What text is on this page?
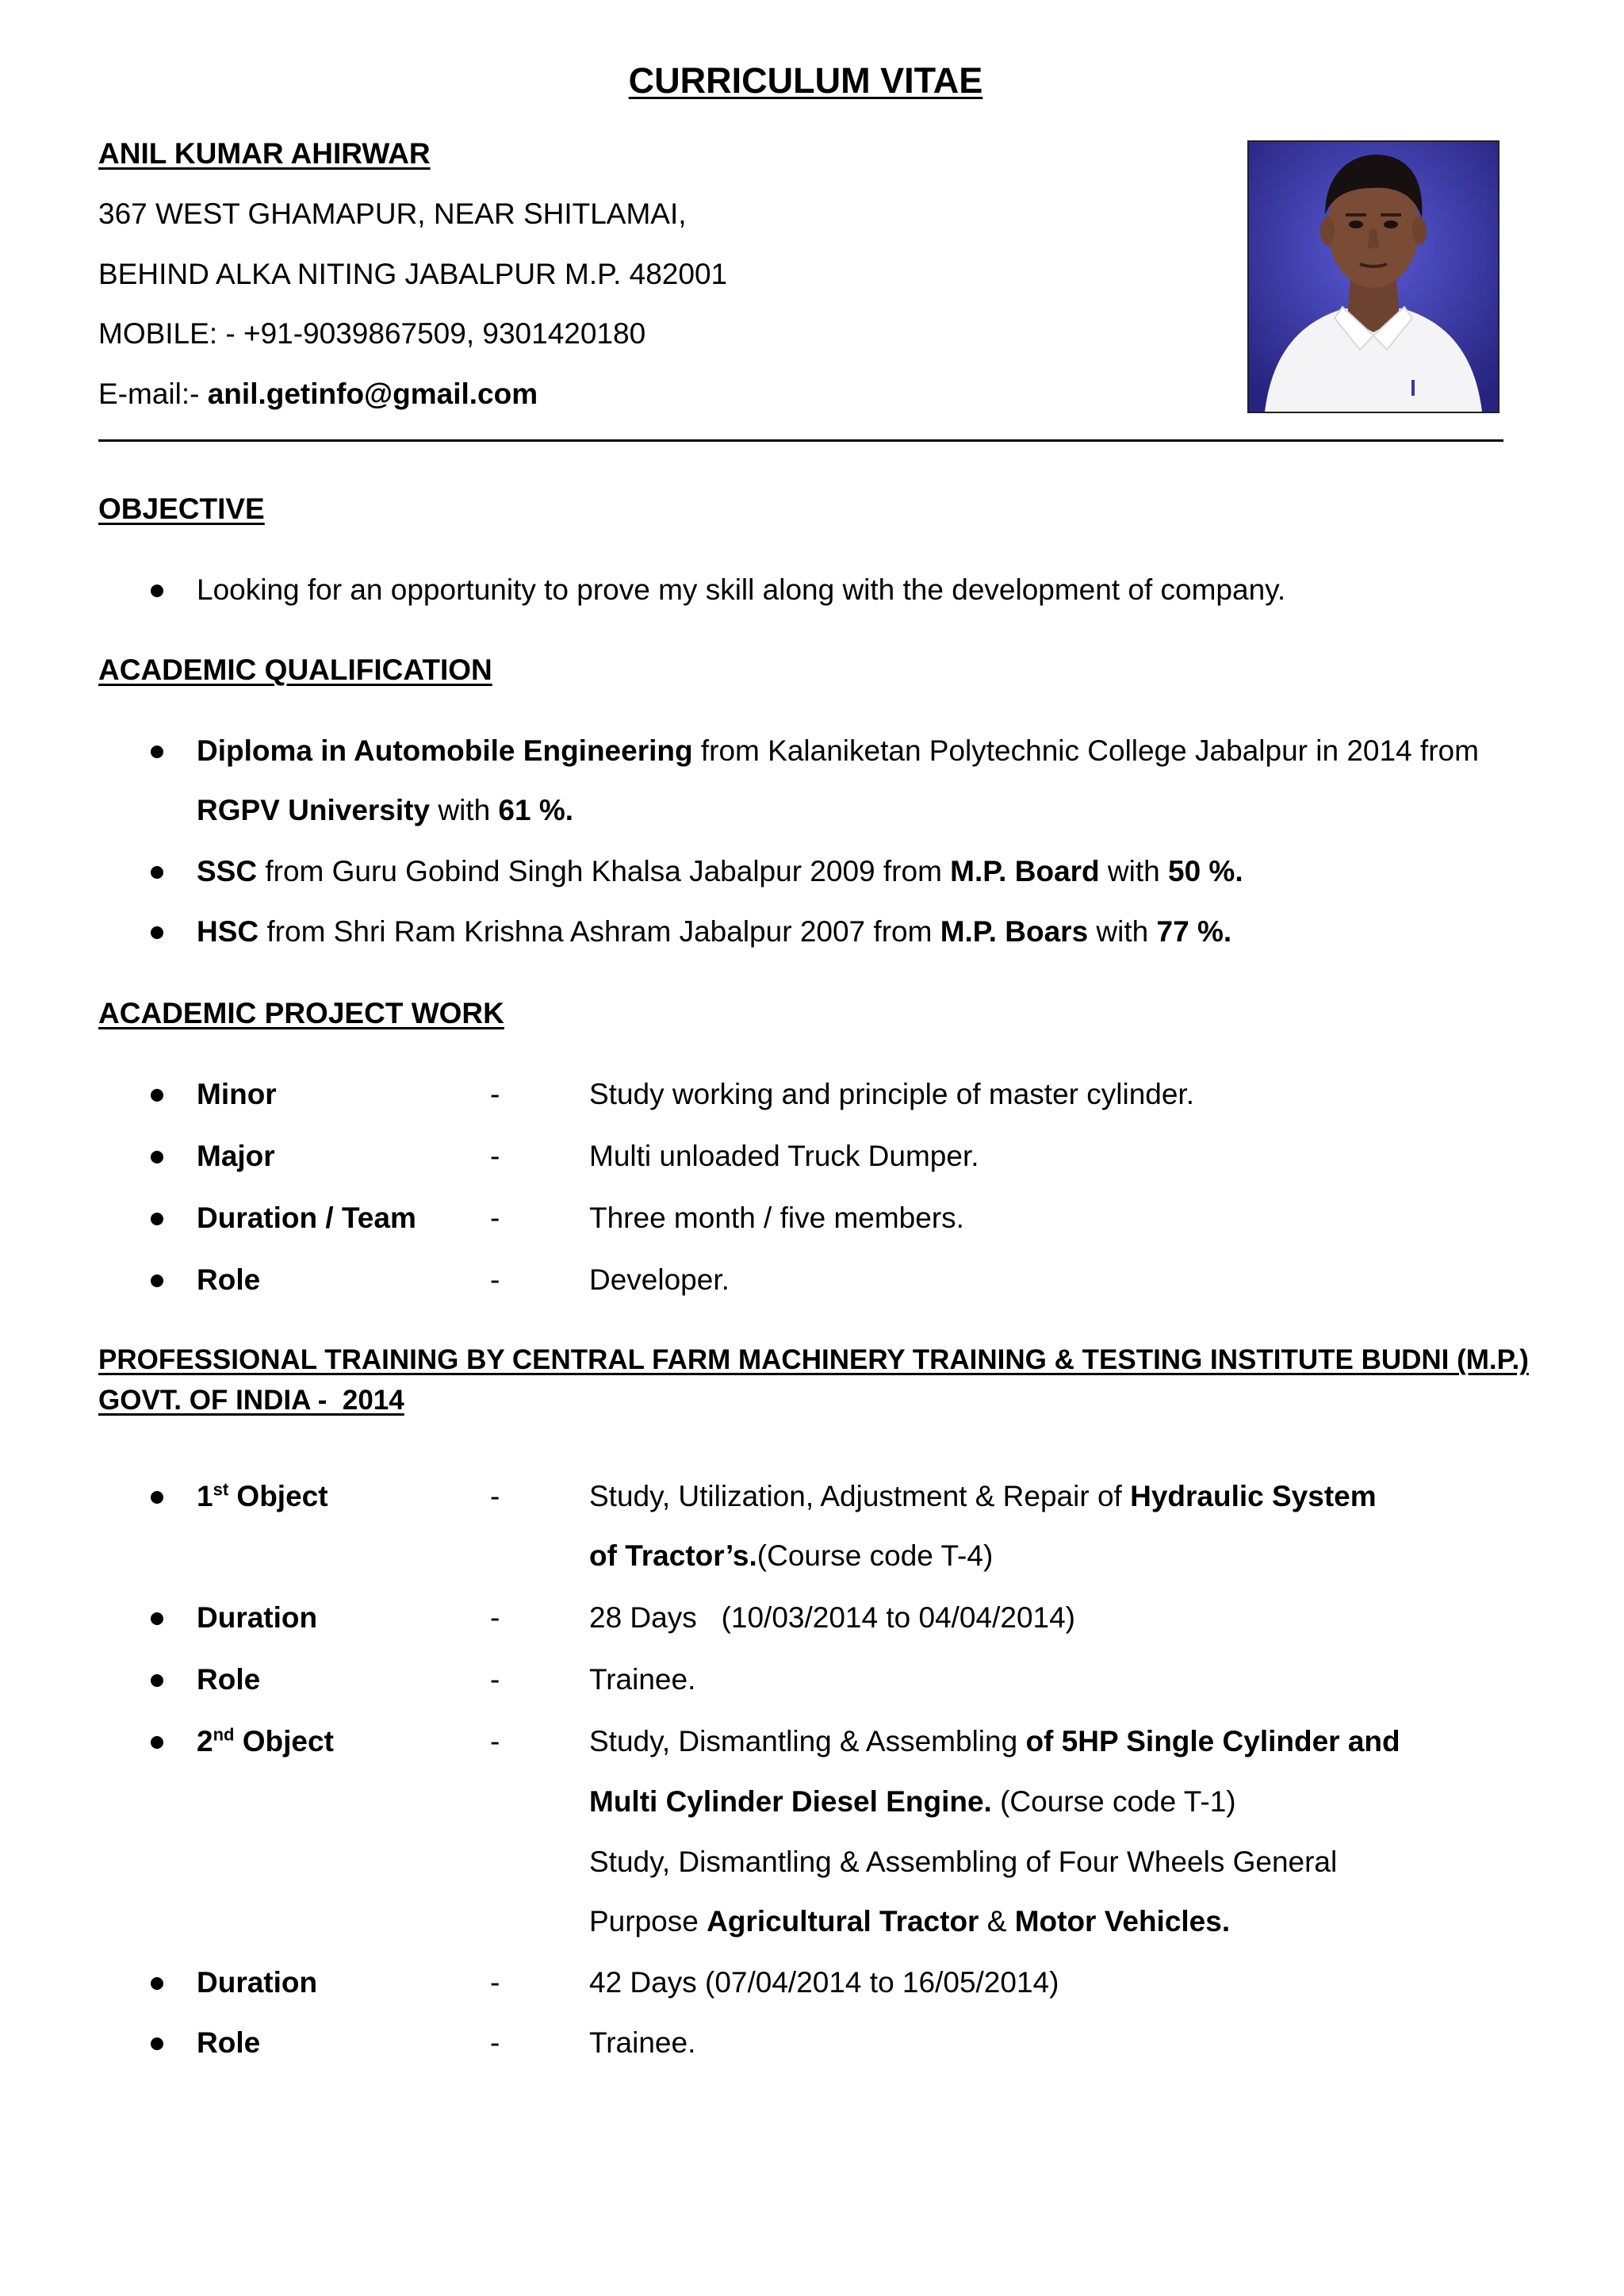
CURRICULUM VITAE
ANIL KUMAR AHIRWAR
367 WEST GHAMAPUR, NEAR SHITLAMAI,
BEHIND ALKA NITING JABALPUR M.P. 482001
MOBILE: - +91-9039867509, 9301420180
E-mail:- anil.getinfo@gmail.com
OBJECTIVE
Looking for an opportunity to prove my skill along with the development of company.
ACADEMIC QUALIFICATION
Diploma in Automobile Engineering from Kalaniketan Polytechnic College Jabalpur in 2014 from
RGPV University with 61 %.
SSC from Guru Gobind Singh Khalsa Jabalpur 2009 from M.P. Board with 50 %.
HSC from Shri Ram Krishna Ashram Jabalpur 2007 from M.P. Boars with 77 %.
ACADEMIC PROJECT WORK
Minor	-	Study working and principle of master cylinder.
Major	-	Multi unloaded Truck Dumper.
Duration / Team	-	Three month / five members.
Role	-	Developer.
PROFESSIONAL TRAINING BY CENTRAL FARM MACHINERY TRAINING & TESTING INSTITUTE BUDNI (M.P.)
GOVT. OF INDIA -  2014
1st Object	-	Study, Utilization, Adjustment & Repair of Hydraulic System
of Tractor’s.(Course code T-4)
Duration	-	28 Days   (10/03/2014 to 04/04/2014)
Role	-	Trainee.
2nd Object	-	Study, Dismantling & Assembling of 5HP Single Cylinder and
Multi Cylinder Diesel Engine. (Course code T-1)
Study, Dismantling & Assembling of Four Wheels General
Purpose Agricultural Tractor & Motor Vehicles.
Duration	-	42 Days (07/04/2014 to 16/05/2014)
Role	-	Trainee.
